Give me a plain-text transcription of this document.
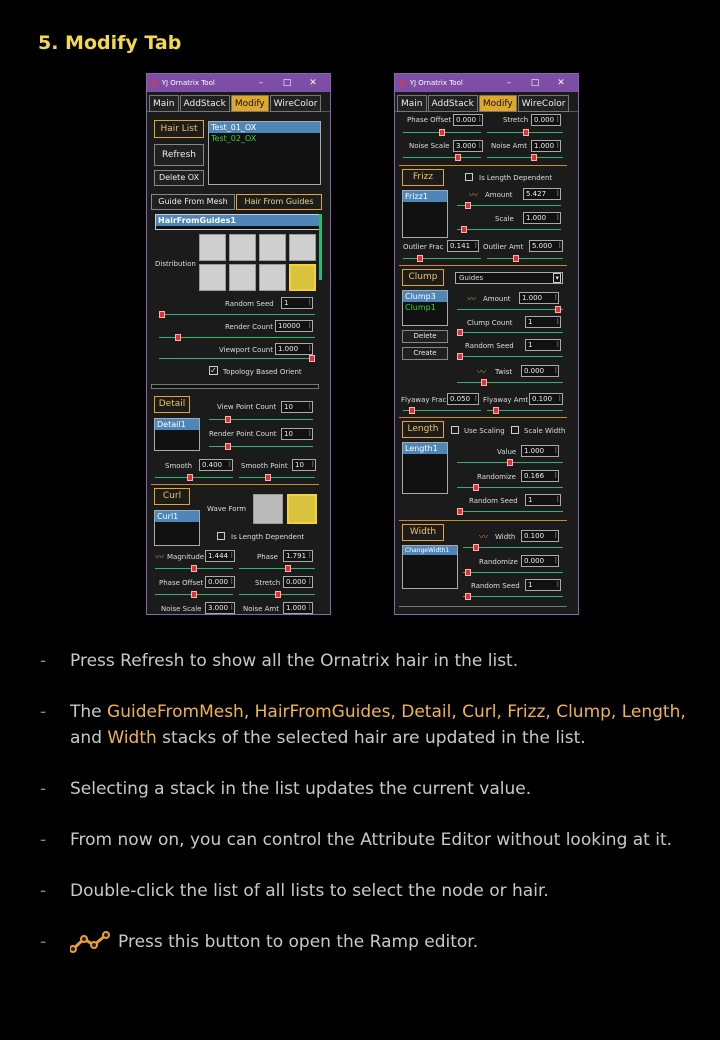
5. Modify Tab
✿ YJ Ornatrix Tool	–	□	✕
Main	AddStack	Modify	WireColor
Hair List
Refresh
Delete OX
Test_01_OX
Test_02_OX
Guide From Mesh	Hair From Guides
HairFromGuides1
Distribution
Random Seed	1 ⁝
Render Count 10000 ⁝
Viewport Count 1.000 ⁝
✓ Topology Based Orient
Detail
Detail1
View Point Count	10 ⁝
Render Point Count	10 ⁝
Smooth	0.400 ⁝	Smooth Point	10 ⁝
Curl
Curl1
Wave Form
Is Length Dependent
〰 Magnitude 1.444 ⁝	Phase	1.791 ⁝
Phase Offset 0.000 ⁝	Stretch 0.000 ⁝
Noise Scale 3.000 ⁝	Noise Amt	1.000 ⁝
✿ YJ Ornatrix Tool	–	□	✕
Main	AddStack	Modify	WireColor
Phase Offset 0.000 ⁝	Stretch 0.000 ⁝
Noise Scale 3.000 ⁝	Noise Amt	1.000 ⁝
Frizz	Is Length Dependent
Frizz1	〰 Amount	5.427 ⁝
Scale	1.000 ⁝
Outlier Frac 0.141 ⁝	Outlier Amt	5.000 ⁝
Clump	Guides	▾
Clump3
Clump1
〰 Amount	1.000 ⁝
Clump Count	1 ⁝
Delete
Create
Random Seed	1 ⁝
〰 Twist	0.000 ⁝
Flyaway Frac 0.050 ⁝	Flyaway Amt 0.100 ⁝
Length	Use Scaling	Scale Width
Length1	Value	1.000 ⁝
Randomize	0.166 ⁝
Random Seed	1 ⁝
Width
ChangeWidth1
〰 Width	0.100 ⁝
Randomize 0.000 ⁝
Random Seed	1 ⁝
-	Press Refresh to show all the Ornatrix hair in the list.
-	The GuideFromMesh, HairFromGuides, Detail, Curl, Frizz, Clump, Length, and Width stacks of the selected hair are updated in the list.
-	Selecting a stack in the list updates the current value.
-	From now on, you can control the Attribute Editor without looking at it.
-	Double-click the list of all lists to select the node or hair.
-	Press this button to open the Ramp editor.
